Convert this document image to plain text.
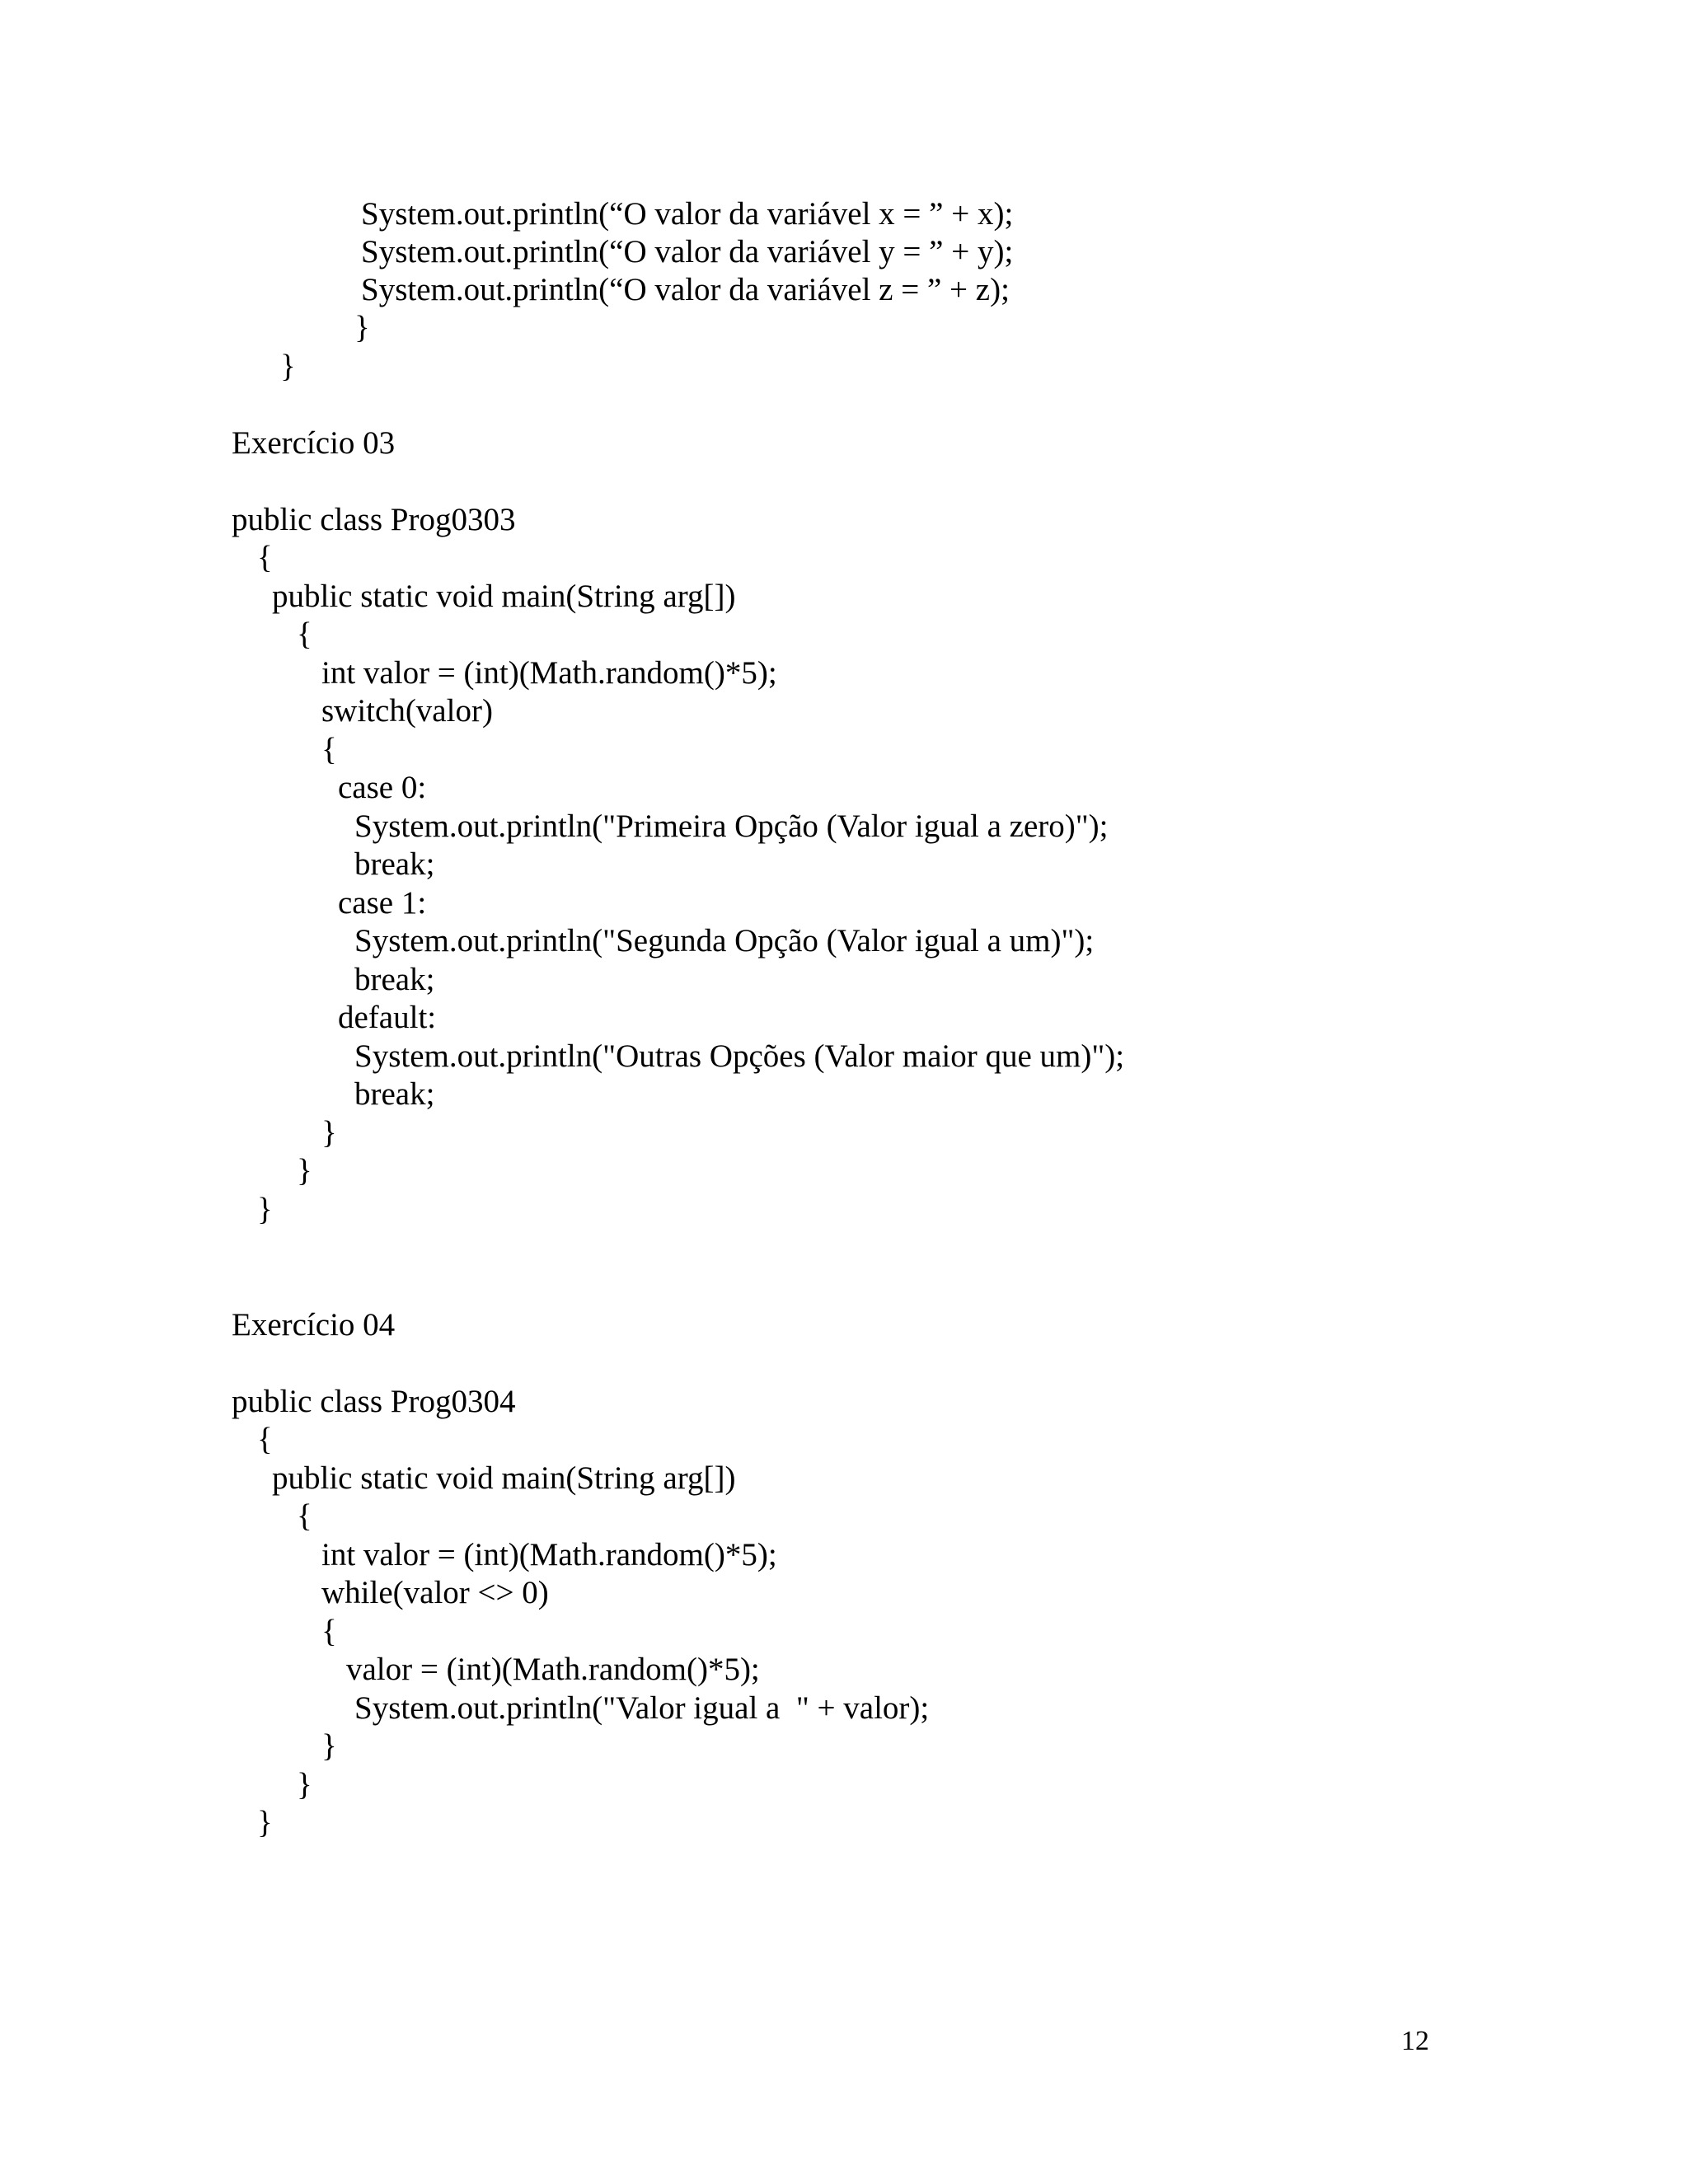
System.out.println(“O valor da variável x = ” + x);
System.out.println(“O valor da variável y = ” + y);
System.out.println(“O valor da variável z = ” + z);
}
}
Exercício 03
public class Prog0303
{
public static void main(String arg[])
{
int valor = (int)(Math.random()*5);
switch(valor)
{
case 0:
System.out.println("Primeira Opção (Valor igual a zero)");
break;
case 1:
System.out.println("Segunda Opção (Valor igual a um)");
break;
default:
System.out.println("Outras Opções (Valor maior que um)");
break;
}
}
}
Exercício 04
public class Prog0304
{
public static void main(String arg[])
{
int valor = (int)(Math.random()*5);
while(valor <> 0)
{
valor = (int)(Math.random()*5);
System.out.println("Valor igual a  " + valor);
}
}
}
12
